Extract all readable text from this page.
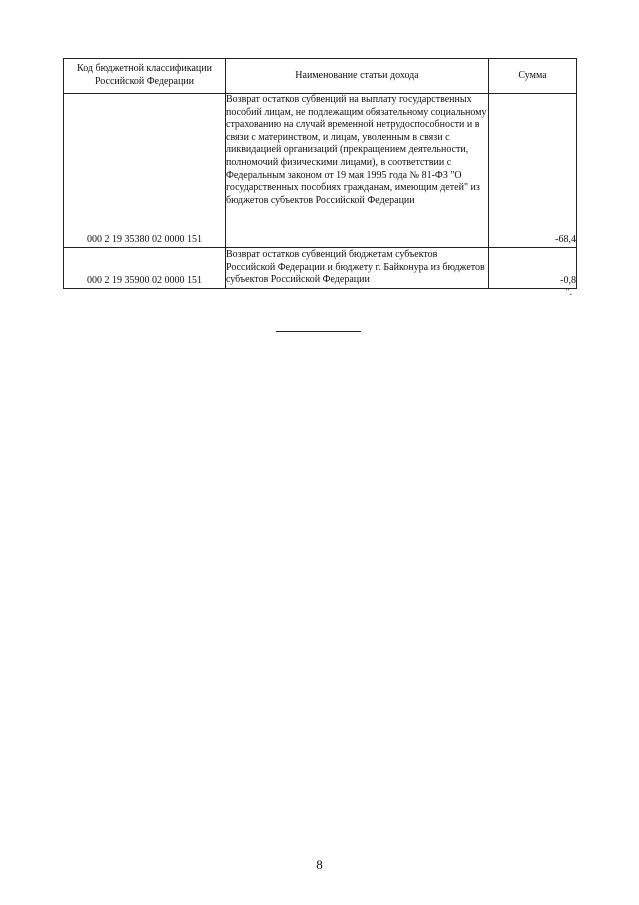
Код бюджетной классификации Российской Федерации	Наименование статьи дохода	Сумма
000 2 19 35380 02 0000 151	Возврат остатков субвенций на выплату государственных пособий лицам, не подлежащим обязательному социальному страхованию на случай временной нетрудоспособности и в связи с материнством, и лицам, уволенным в связи с ликвидацией организаций (прекращением деятельности, полномочий физическими лицами), в соответствии с Федеральным законом от 19 мая 1995 года № 81-ФЗ "О государственных пособиях гражданам, имеющим детей" из бюджетов субъектов Российской Федерации	-68,4
000 2 19 35900 02 0000 151	Возврат остатков субвенций бюджетам субъектов Российской Федерации и бюджету г. Байконура из бюджетов субъектов Российской Федерации	-0,8
".
8
